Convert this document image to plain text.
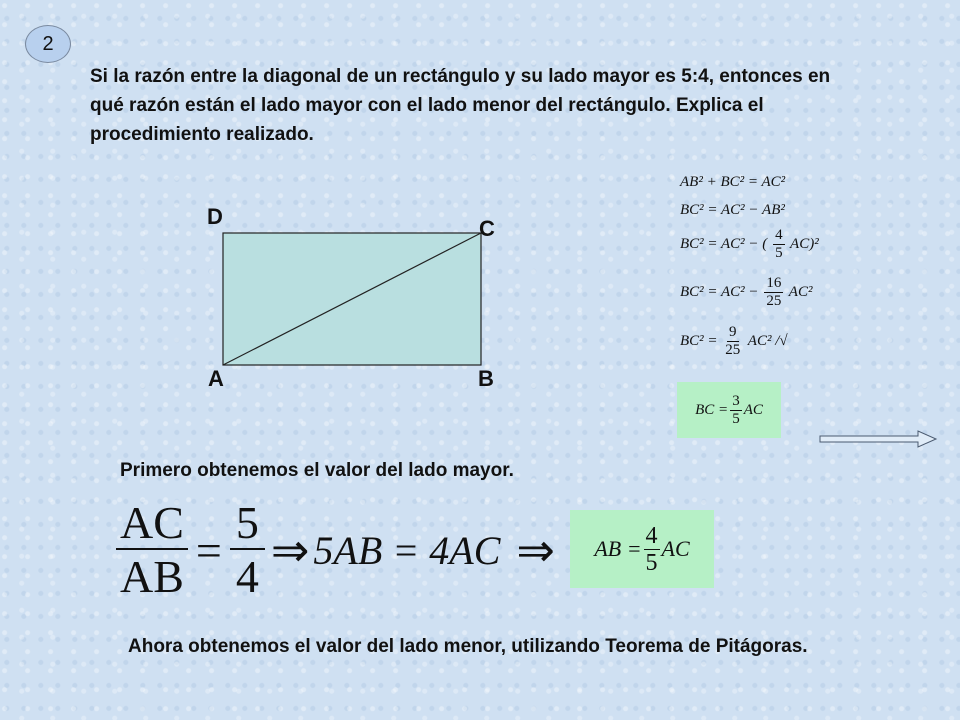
2
Si la razón entre la diagonal de un rectángulo y su lado mayor es 5:4, entonces en qué razón están el lado mayor con el lado menor del rectángulo. Explica el procedimiento realizado.
D	C
A	B
AB² + BC² = AC²
BC² = AC² − AB²
BC² = AC² − ( $\frac{4}{5} AC)^2$
$BC^2 = AC^2 - \frac{16}{25} AC^2$
$BC^2 = \frac{9}{25} AC^2$ /√
BC = $\frac{3}{5}$ AC
Primero obtenemos el valor del lado mayor.
$\frac{AC}{AB} = \frac{5}{4}$ ⇒ 5AB = 4AC ⇒ AB = $\frac{4}{5}$ AC
Ahora obtenemos el valor del lado menor, utilizando Teorema de Pitágoras.
